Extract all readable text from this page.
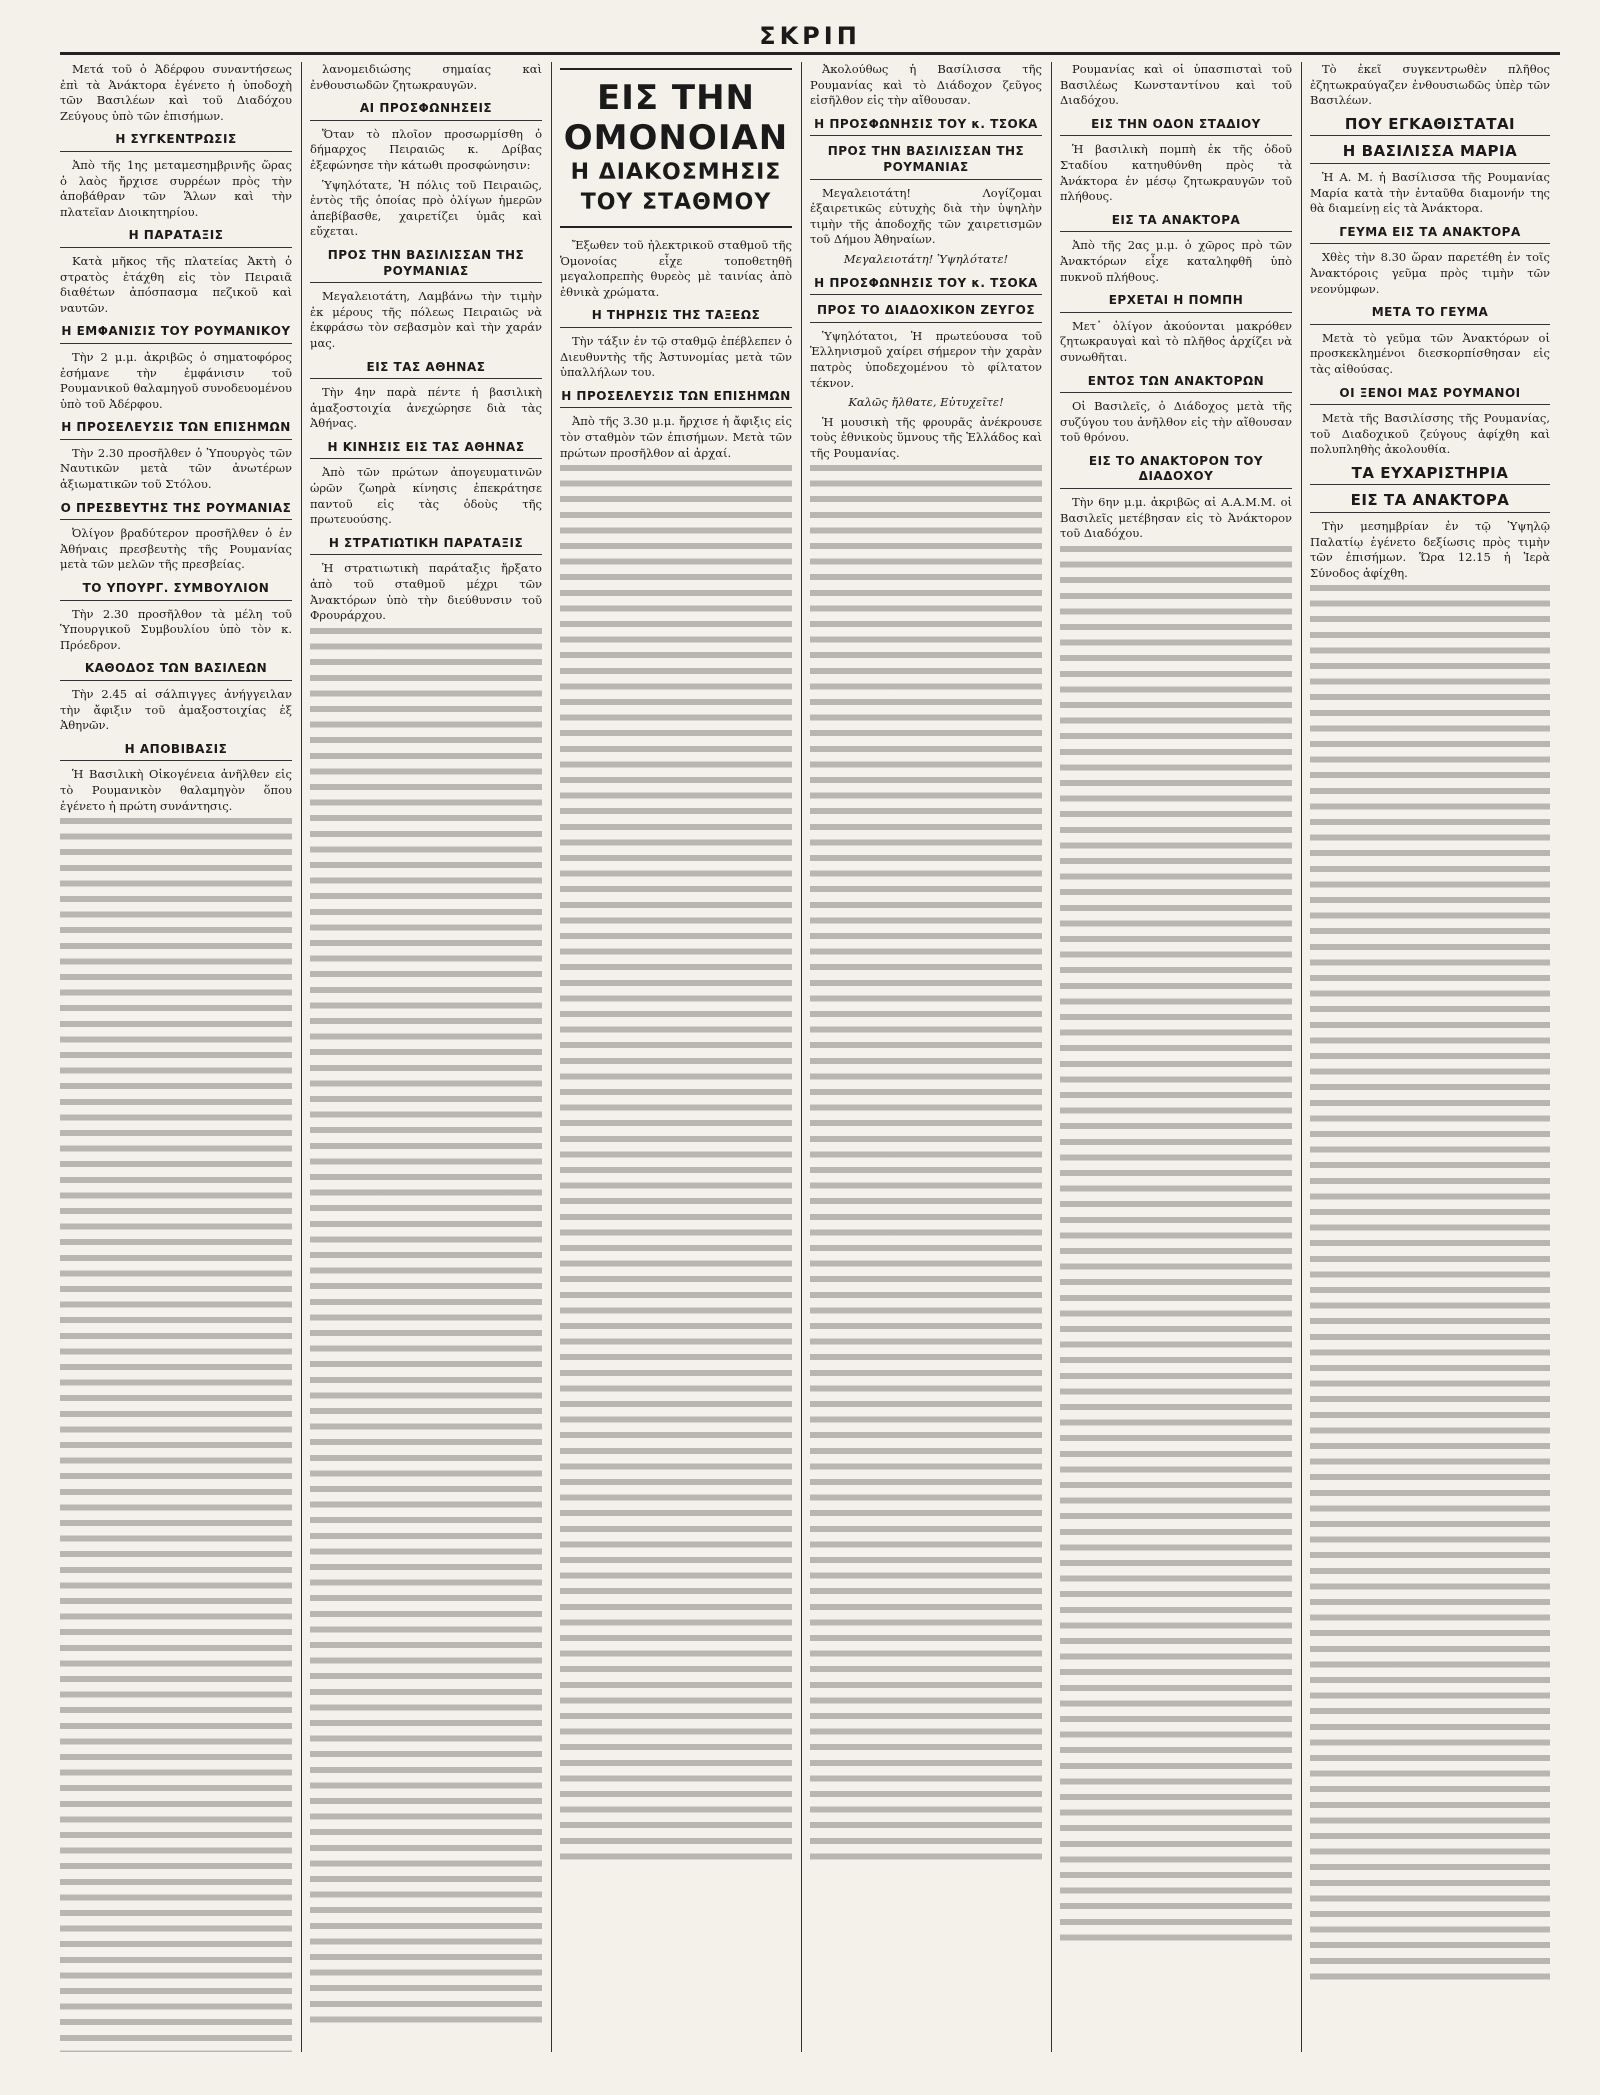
ΣΚΡΙΠ

Μετά τοῦ ὁ Ἀδέρφου συναντήσεως ἐπὶ τὰ Ἀνάκτορα ἐγένετο ἡ ὑποδοχὴ τῶν Βασιλέων καὶ τοῦ Διαδόχου Ζεύγους ὑπὸ τῶν ἐπισήμων.

Η ΣΥΓΚΕΝΤΡΩΣΙΣ

Ἀπὸ τῆς 1ης μεταμεσημβρινῆς ὥρας ὁ λαὸς ἤρχισε συρρέων πρὸς τὴν ἀποβάθραν τῶν Ἅλων καὶ τὴν πλατεῖαν Διοικητηρίου.

Η ΠΑΡΑΤΑΞΙΣ

Κατὰ μῆκος τῆς πλατείας Ἀκτὴ ὁ στρατὸς ἐτάχθη εἰς τὸν Πειραιᾶ διαθέτων ἀπόσπασμα πεζικοῦ καὶ ναυτῶν.

Η ΕΜΦΑΝΙΣΙΣ ΤΟΥ ΡΟΥΜΑΝΙΚΟΥ

Τὴν 2 μ.μ. ἀκριβῶς ὁ σηματοφόρος ἐσήμανε τὴν ἐμφάνισιν τοῦ Ρουμανικοῦ θαλαμηγοῦ συνοδευομένου ὑπὸ τοῦ Ἀδέρφου.

Η ΠΡΟΣΕΛΕΥΣΙΣ ΤΩΝ ΕΠΙΣΗΜΩΝ

Τὴν 2.30 προσῆλθεν ὁ Ὑπουργὸς τῶν Ναυτικῶν μετὰ τῶν ἀνωτέρων ἀξιωματικῶν τοῦ Στόλου.

Ο ΠΡΕΣΒΕΥΤΗΣ ΤΗΣ ΡΟΥΜΑΝΙΑΣ

Ὀλίγον βραδύτερον προσῆλθεν ὁ ἐν Ἀθήναις πρεσβευτὴς τῆς Ρουμανίας μετὰ τῶν μελῶν τῆς πρεσβείας.

ΤΟ ΥΠΟΥΡΓ. ΣΥΜΒΟΥΛΙΟΝ

Τὴν 2.30 προσῆλθον τὰ μέλη τοῦ Ὑπουργικοῦ Συμβουλίου ὑπὸ τὸν κ. Πρόεδρον.

ΚΑΘΟΔΟΣ ΤΩΝ ΒΑΣΙΛΕΩΝ

Τὴν 2.45 αἱ σάλπιγγες ἀνήγγειλαν τὴν ἄφιξιν τοῦ ἀμαξοστοιχίας ἐξ Ἀθηνῶν.

Η ΑΠΟΒΙΒΑΣΙΣ

Ἡ Βασιλικὴ Οἰκογένεια ἀνῆλθεν εἰς τὸ Ρουμανικὸν θαλαμηγὸν ὅπου ἐγένετο ἡ πρώτη συνάντησις.

λανομειδιώσης σημαίας καὶ ἐνθουσιωδῶν ζητωκραυγῶν.

ΑΙ ΠΡΟΣΦΩΝΗΣΕΙΣ

Ὅταν τὸ πλοῖον προσωρμίσθη ὁ δήμαρχος Πειραιῶς κ. Δρίβας ἐξεφώνησε τὴν κάτωθι προσφώνησιν:

Ὑψηλότατε, Ἡ πόλις τοῦ Πειραιῶς, ἐντὸς τῆς ὁποίας πρὸ ὀλίγων ἡμερῶν ἀπεβίβασθε, χαιρετίζει ὑμᾶς καὶ εὔχεται.

ΠΡΟΣ ΤΗΝ ΒΑΣΙΛΙΣΣΑΝ ΤΗΣ ΡΟΥΜΑΝΙΑΣ

Μεγαλειοτάτη, Λαμβάνω τὴν τιμὴν ἐκ μέρους τῆς πόλεως Πειραιῶς νὰ ἐκφράσω τὸν σεβασμὸν καὶ τὴν χαράν μας.

ΕΙΣ ΤΑΣ ΑΘΗΝΑΣ

Τὴν 4ην παρὰ πέντε ἡ βασιλικὴ ἀμαξοστοιχία ἀνεχώρησε διὰ τὰς Ἀθήνας.

Η ΚΙΝΗΣΙΣ ΕΙΣ ΤΑΣ ΑΘΗΝΑΣ

Ἀπὸ τῶν πρώτων ἀπογευματινῶν ὡρῶν ζωηρὰ κίνησις ἐπεκράτησε παντοῦ εἰς τὰς ὁδοὺς τῆς πρωτευούσης.

Η ΣΤΡΑΤΙΩΤΙΚΗ ΠΑΡΑΤΑΞΙΣ

Ἡ στρατιωτικὴ παράταξις ἤρξατο ἀπὸ τοῦ σταθμοῦ μέχρι τῶν Ἀνακτόρων ὑπὸ τὴν διεύθυνσιν τοῦ Φρουράρχου.

ΕΙΣ ΤΗΝ ΟΜΟΝΟΙΑΝ
Η ΔΙΑΚΟΣΜΗΣΙΣ ΤΟΥ ΣΤΑΘΜΟΥ

Ἔξωθεν τοῦ ἠλεκτρικοῦ σταθμοῦ τῆς Ὁμονοίας εἶχε τοποθετηθῆ μεγαλοπρεπὴς θυρεὸς μὲ ταινίας ἀπὸ ἐθνικὰ χρώματα.

Η ΤΗΡΗΣΙΣ ΤΗΣ ΤΑΞΕΩΣ

Τὴν τάξιν ἐν τῷ σταθμῷ ἐπέβλεπεν ὁ Διευθυντὴς τῆς Ἀστυνομίας μετὰ τῶν ὑπαλλήλων του.

Η ΠΡΟΣΕΛΕΥΣΙΣ ΤΩΝ ΕΠΙΣΗΜΩΝ

Ἀπὸ τῆς 3.30 μ.μ. ἤρχισε ἡ ἄφιξις εἰς τὸν σταθμὸν τῶν ἐπισήμων. Μετὰ τῶν πρώτων προσῆλθον αἱ ἀρχαί.

Ἀκολούθως ἡ Βασίλισσα τῆς Ρουμανίας καὶ τὸ Διάδοχον ζεῦγος εἰσῆλθον εἰς τὴν αἴθουσαν.

Η ΠΡΟΣΦΩΝΗΣΙΣ ΤΟΥ κ. ΤΣΟΚΑ
ΠΡΟΣ ΤΗΝ ΒΑΣΙΛΙΣΣΑΝ ΤΗΣ ΡΟΥΜΑΝΙΑΣ

Μεγαλειοτάτη! Λογίζομαι ἐξαιρετικῶς εὐτυχὴς διὰ τὴν ὑψηλὴν τιμὴν τῆς ἀποδοχῆς τῶν χαιρετισμῶν τοῦ Δήμου Ἀθηναίων.

Μεγαλειοτάτη! Ὑψηλότατε!

Η ΠΡΟΣΦΩΝΗΣΙΣ ΤΟΥ κ. ΤΣΟΚΑ
ΠΡΟΣ ΤΟ ΔΙΑΔΟΧΙΚΟΝ ΖΕΥΓΟΣ

Ὑψηλότατοι, Ἡ πρωτεύουσα τοῦ Ἑλληνισμοῦ χαίρει σήμερον τὴν χαρὰν πατρὸς ὑποδεχομένου τὸ φίλτατον τέκνον.

Καλῶς ἤλθατε, Εὐτυχεῖτε!

Ἡ μουσικὴ τῆς φρουρᾶς ἀνέκρουσε τοὺς ἐθνικοὺς ὕμνους τῆς Ἑλλάδος καὶ τῆς Ρουμανίας.

Ρουμανίας καὶ οἱ ὑπασπισταὶ τοῦ Βασιλέως Κωνσταντίνου καὶ τοῦ Διαδόχου.

ΕΙΣ ΤΗΝ ΟΔΟΝ ΣΤΑΔΙΟΥ

Ἡ βασιλικὴ πομπὴ ἐκ τῆς ὁδοῦ Σταδίου κατηυθύνθη πρὸς τὰ Ἀνάκτορα ἐν μέσῳ ζητωκραυγῶν τοῦ πλήθους.

ΕΙΣ ΤΑ ΑΝΑΚΤΟΡΑ

Ἀπὸ τῆς 2ας μ.μ. ὁ χῶρος πρὸ τῶν Ἀνακτόρων εἶχε καταληφθῆ ὑπὸ πυκνοῦ πλήθους.

ΕΡΧΕΤΑΙ Η ΠΟΜΠΗ

Μετ᾽ ὀλίγον ἀκούονται μακρόθεν ζητωκραυγαὶ καὶ τὸ πλῆθος ἀρχίζει νὰ συνωθῆται.

ΕΝΤΟΣ ΤΩΝ ΑΝΑΚΤΟΡΩΝ

Οἱ Βασιλεῖς, ὁ Διάδοχος μετὰ τῆς συζύγου του ἀνῆλθον εἰς τὴν αἴθουσαν τοῦ θρόνου.

ΕΙΣ ΤΟ ΑΝΑΚΤΟΡΟΝ ΤΟΥ ΔΙΑΔΟΧΟΥ

Τὴν 6ην μ.μ. ἀκριβῶς αἱ Α.Α.Μ.Μ. οἱ Βασιλεῖς μετέβησαν εἰς τὸ Ἀνάκτορον τοῦ Διαδόχου.

Τὸ ἐκεῖ συγκεντρωθὲν πλῆθος ἐζητωκραύγαζεν ἐνθουσιωδῶς ὑπὲρ τῶν Βασιλέων.

ΠΟΥ ΕΓΚΑΘΙΣΤΑΤΑΙ
Η ΒΑΣΙΛΙΣΣΑ ΜΑΡΙΑ

Ἡ Α. Μ. ἡ Βασίλισσα τῆς Ρουμανίας Μαρία κατὰ τὴν ἐνταῦθα διαμονήν της θὰ διαμείνῃ εἰς τὰ Ἀνάκτορα.

ΓΕΥΜΑ ΕΙΣ ΤΑ ΑΝΑΚΤΟΡΑ

Χθὲς τὴν 8.30 ὥραν παρετέθη ἐν τοῖς Ἀνακτόροις γεῦμα πρὸς τιμὴν τῶν νεονύμφων.

ΜΕΤΑ ΤΟ ΓΕΥΜΑ

Μετὰ τὸ γεῦμα τῶν Ἀνακτόρων οἱ προσκεκλημένοι διεσκορπίσθησαν εἰς τὰς αἰθούσας.

ΟΙ ΞΕΝΟΙ ΜΑΣ ΡΟΥΜΑΝΟΙ

Μετὰ τῆς Βασιλίσσης τῆς Ρουμανίας, τοῦ Διαδοχικοῦ ζεύγους ἀφίχθη καὶ πολυπληθὴς ἀκολουθία.

ΤΑ ΕΥΧΑΡΙΣΤΗΡΙΑ
ΕΙΣ ΤΑ ΑΝΑΚΤΟΡΑ

Τὴν μεσημβρίαν ἐν τῷ Ὑψηλῷ Παλατίῳ ἐγένετο δεξίωσις πρὸς τιμὴν τῶν ἐπισήμων. Ὥρα 12.15 ἡ Ἱερὰ Σύνοδος ἀφίχθη.
